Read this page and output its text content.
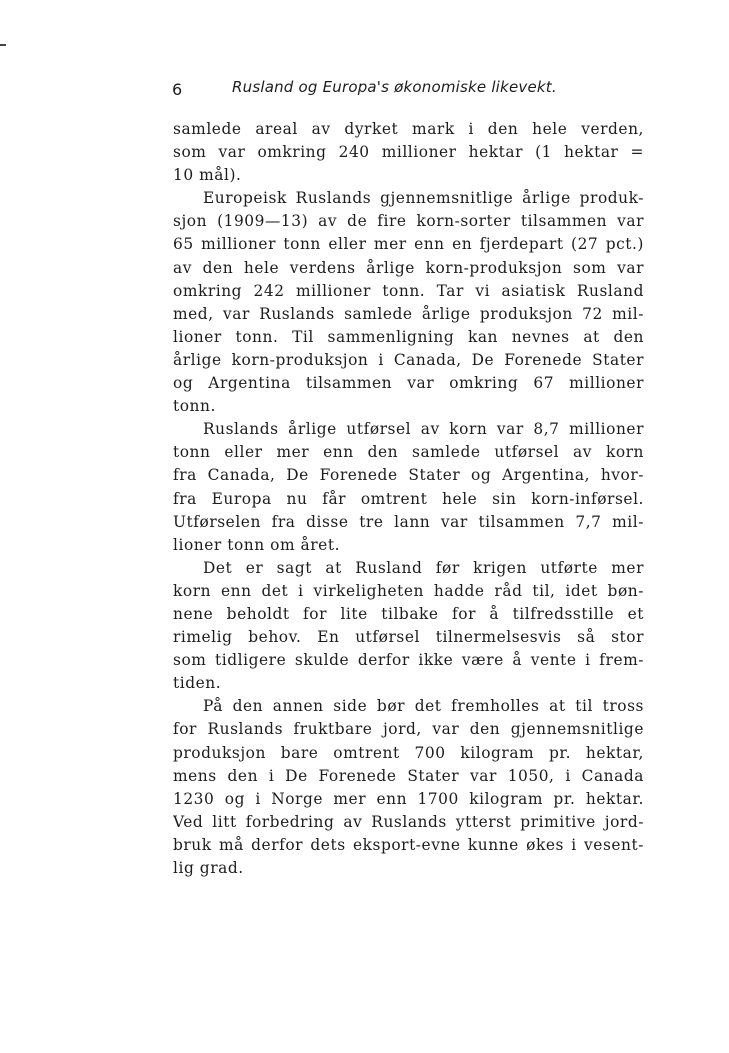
6	Rusland og Europa's økonomiske likevekt.
samlede areal av dyrket mark i den hele verden,
som var omkring 240 millioner hektar (1 hektar =
10 mål).
Europeisk Ruslands gjennemsnitlige årlige produk-
sjon (1909—13) av de fire korn-sorter tilsammen var
65 millioner tonn eller mer enn en fjerdepart (27 pct.)
av den hele verdens årlige korn-produksjon som var
omkring 242 millioner tonn. Tar vi asiatisk Rusland
med, var Ruslands samlede årlige produksjon 72 mil-
lioner tonn. Til sammenligning kan nevnes at den
årlige korn-produksjon i Canada, De Forenede Stater
og Argentina tilsammen var omkring 67 millioner
tonn.
Ruslands årlige utførsel av korn var 8,7 millioner
tonn eller mer enn den samlede utførsel av korn
fra Canada, De Forenede Stater og Argentina, hvor-
fra Europa nu får omtrent hele sin korn-inførsel.
Utførselen fra disse tre lann var tilsammen 7,7 mil-
lioner tonn om året.
Det er sagt at Rusland før krigen utførte mer
korn enn det i virkeligheten hadde råd til, idet bøn-
nene beholdt for lite tilbake for å tilfredsstille et
rimelig behov. En utførsel tilnermelsesvis så stor
som tidligere skulde derfor ikke være å vente i frem-
tiden.
På den annen side bør det fremholles at til tross
for Ruslands fruktbare jord, var den gjennemsnitlige
produksjon bare omtrent 700 kilogram pr. hektar,
mens den i De Forenede Stater var 1050, i Canada
1230 og i Norge mer enn 1700 kilogram pr. hektar.
Ved litt forbedring av Ruslands ytterst primitive jord-
bruk må derfor dets eksport-evne kunne økes i vesent-
lig grad.
